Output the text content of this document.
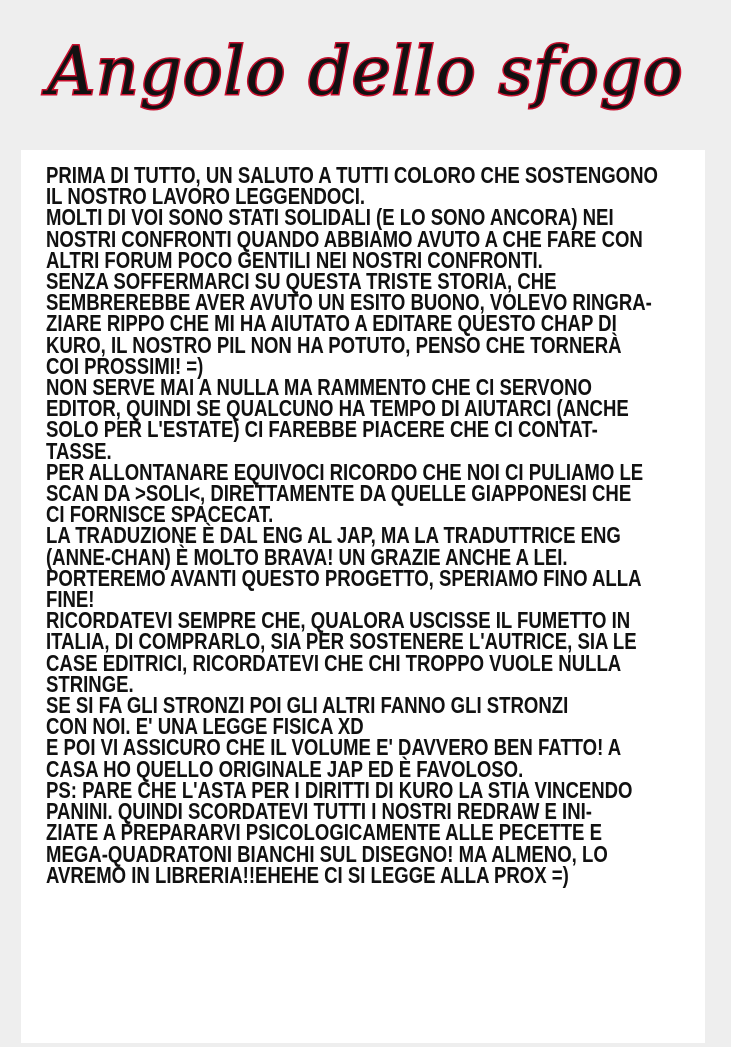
Angolo dello sfogo
PRIMA DI TUTTO, UN SALUTO A TUTTI COLORO CHE SOSTENGONO
IL NOSTRO LAVORO LEGGENDOCI.
MOLTI DI VOI SONO STATI SOLIDALI (E LO SONO ANCORA) NEI
NOSTRI CONFRONTI QUANDO ABBIAMO AVUTO A CHE FARE CON
ALTRI FORUM POCO GENTILI NEI NOSTRI CONFRONTI.
SENZA SOFFERMARCI SU QUESTA TRISTE STORIA, CHE
SEMBREREBBE AVER AVUTO UN ESITO BUONO, VOLEVO RINGRA-
ZIARE RIPPO CHE MI HA AIUTATO A EDITARE QUESTO CHAP DI
KURO, IL NOSTRO PIL NON HA POTUTO, PENSO CHE TORNERÀ
COI PROSSIMI! =)
NON SERVE MAI A NULLA MA RAMMENTO CHE CI SERVONO
EDITOR, QUINDI SE QUALCUNO HA TEMPO DI AIUTARCI (ANCHE
SOLO PER L'ESTATE) CI FAREBBE PIACERE CHE CI CONTAT-
TASSE.
PER ALLONTANARE EQUIVOCI RICORDO CHE NOI CI PULIAMO LE
SCAN DA >SOLI<, DIRETTAMENTE DA QUELLE GIAPPONESI CHE
CI FORNISCE SPACECAT.
LA TRADUZIONE È DAL ENG AL JAP, MA LA TRADUTTRICE ENG
(ANNE-CHAN) È MOLTO BRAVA! UN GRAZIE ANCHE A LEI.
PORTEREMO AVANTI QUESTO PROGETTO, SPERIAMO FINO ALLA
FINE!
RICORDATEVI SEMPRE CHE, QUALORA USCISSE IL FUMETTO IN
ITALIA, DI COMPRARLO, SIA PER SOSTENERE L'AUTRICE, SIA LE
CASE EDITRICI, RICORDATEVI CHE CHI TROPPO VUOLE NULLA
STRINGE.
SE SI FA GLI STRONZI POI GLI ALTRI FANNO GLI STRONZI
CON NOI. E' UNA LEGGE FISICA XD
E POI VI ASSICURO CHE IL VOLUME E' DAVVERO BEN FATTO! A
CASA HO QUELLO ORIGINALE JAP ED È FAVOLOSO.
PS: PARE CHE L'ASTA PER I DIRITTI DI KURO LA STIA VINCENDO
PANINI. QUINDI SCORDATEVI TUTTI I NOSTRI REDRAW E INI-
ZIATE A PREPARARVI PSICOLOGICAMENTE ALLE PECETTE E
MEGA-QUADRATONI BIANCHI SUL DISEGNO! MA ALMENO, LO
AVREMO IN LIBRERIA!!EHEHE CI SI LEGGE ALLA PROX =)
